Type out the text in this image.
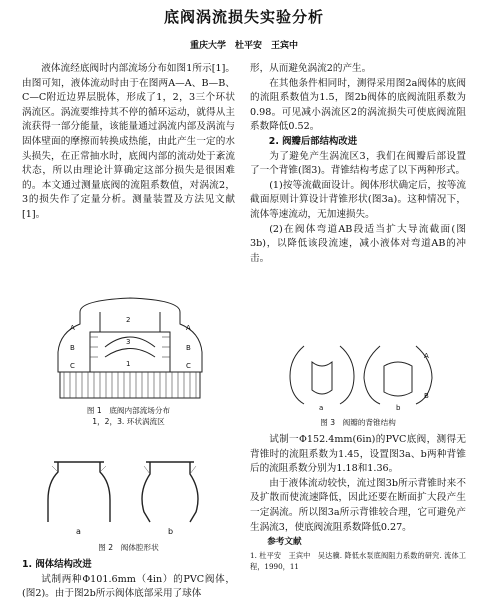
底阀涡流损失实验分析
重庆大学　杜平安　王宾中

液体流经底阀时内部流场分布如图1所示[1]。由图可知，液体流动时由于在图两A—A、B—B、C—C附近边界层脱体，形成了1，2，3三个环状涡流区。涡流要维持其不停的循环运动，就得从主流获得一部分能量，该能量通过涡流内部及涡流与固体壁面的摩擦而转换成热能，由此产生一定的水头损失，在正常抽水时，底阀内部的流动处于紊流状态，所以由理论计算确定这部分损失是很困难的。本文通过测量底阀的流阻系数值，对涡流2，3的损失作了定量分析。测量装置及方法见文献[1]。

A	A
B	B
C	C
2
3
1
图 1　底阀内部流场分布
1，2，3. 环状涡流区
a	b
图 2　阀体腔形状

1. 阀体结构改进

试制两种Φ101.6mm（4in）的PVC阀体，(图2)。由于图2b所示阀体底部采用了球体

形，从而避免涡流2的产生。

在其他条件相同时，测得采用图2a阀体的底阀的流阻系数值为1.5，图2b阀体的底阀流阻系数为0.98。可见减小涡流区2的涡流损失可使底阀流阻系数降低0.52。

2. 阀瓣后部结构改进

为了避免产生涡流区3，我们在阀瓣后部设置了一个背锥(图3)。背锥结构考虑了以下两种形式。

(1)按等流截面设计。阀体形状确定后，按等流截面原则计算设计背锥形状(图3a)。这种情况下，流体等速流动，无加速损失。

(2)在阀体弯道AB段适当扩大导流截面(图3b)，以降低该段流速，减小液体对弯道AB的冲击。

a	b
A
B
图 3　阀瓣的背锥结构

试制一Φ152.4mm(6in)的PVC底阀，测得无背锥时的流阻系数为1.45，设置图3a、b两种背锥后的流阻系数分别为1.18和1.36。

由于液体流动较快，流过图3b所示背锥时来不及扩散而使流速降低，因此还要在断面扩大段产生一定涡流。所以图3a所示背锥较合理，它可避免产生涡流3，使底阀流阻系数降低0.27。

参考文献

1. 杜平安　王宾中　吴达骥. 降低水泵底阀阻力系数的研究. 流体工程，1990，11
